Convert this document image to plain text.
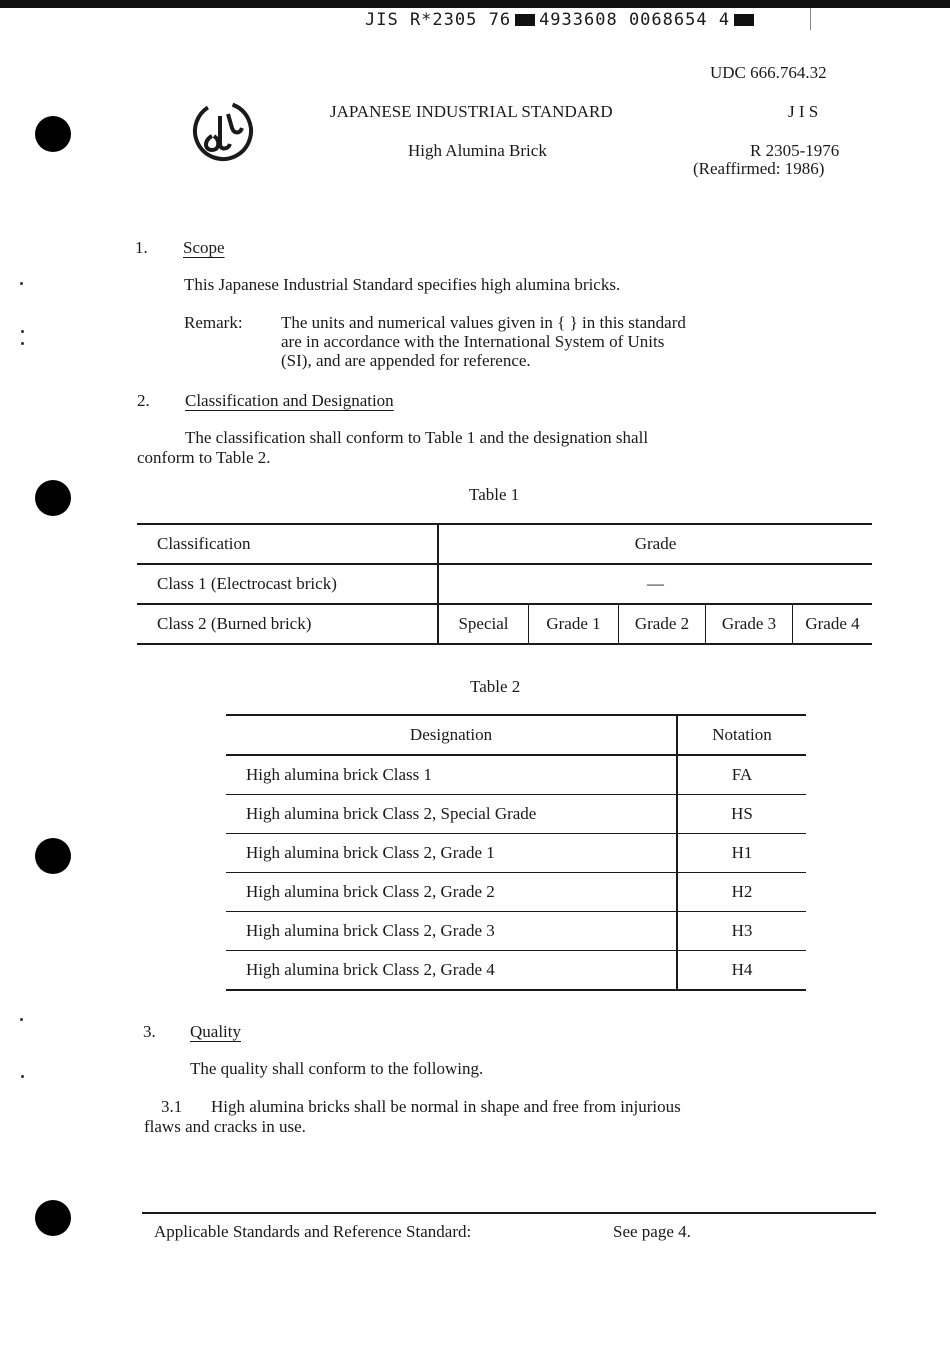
JIS R*2305 76 4933608 0068654 4
UDC 666.764.32
JAPANESE INDUSTRIAL STANDARD	J I S
High Alumina Brick	R 2305-1976
(Reaffirmed: 1986)
1. Scope
This Japanese Industrial Standard specifies high alumina bricks.
Remark: The units and numerical values given in { } in this standard
are in accordance with the International System of Units
(SI), and are appended for reference.
2. Classification and Designation
The classification shall conform to Table 1 and the designation shall
conform to Table 2.
Table 1
Classification	Grade				
Class 1 (Electrocast brick)	—				
Class 2 (Burned brick)	Special	Grade 1	Grade 2	Grade 3	Grade 4
Table 2
Designation	Notation
High alumina brick Class 1	FA
High alumina brick Class 2, Special Grade	HS
High alumina brick Class 2, Grade 1	H1
High alumina brick Class 2, Grade 2	H2
High alumina brick Class 2, Grade 3	H3
High alumina brick Class 2, Grade 4	H4
3. Quality
The quality shall conform to the following.
3.1 High alumina bricks shall be normal in shape and free from injurious
flaws and cracks in use.
Applicable Standards and Reference Standard:	See page 4.
